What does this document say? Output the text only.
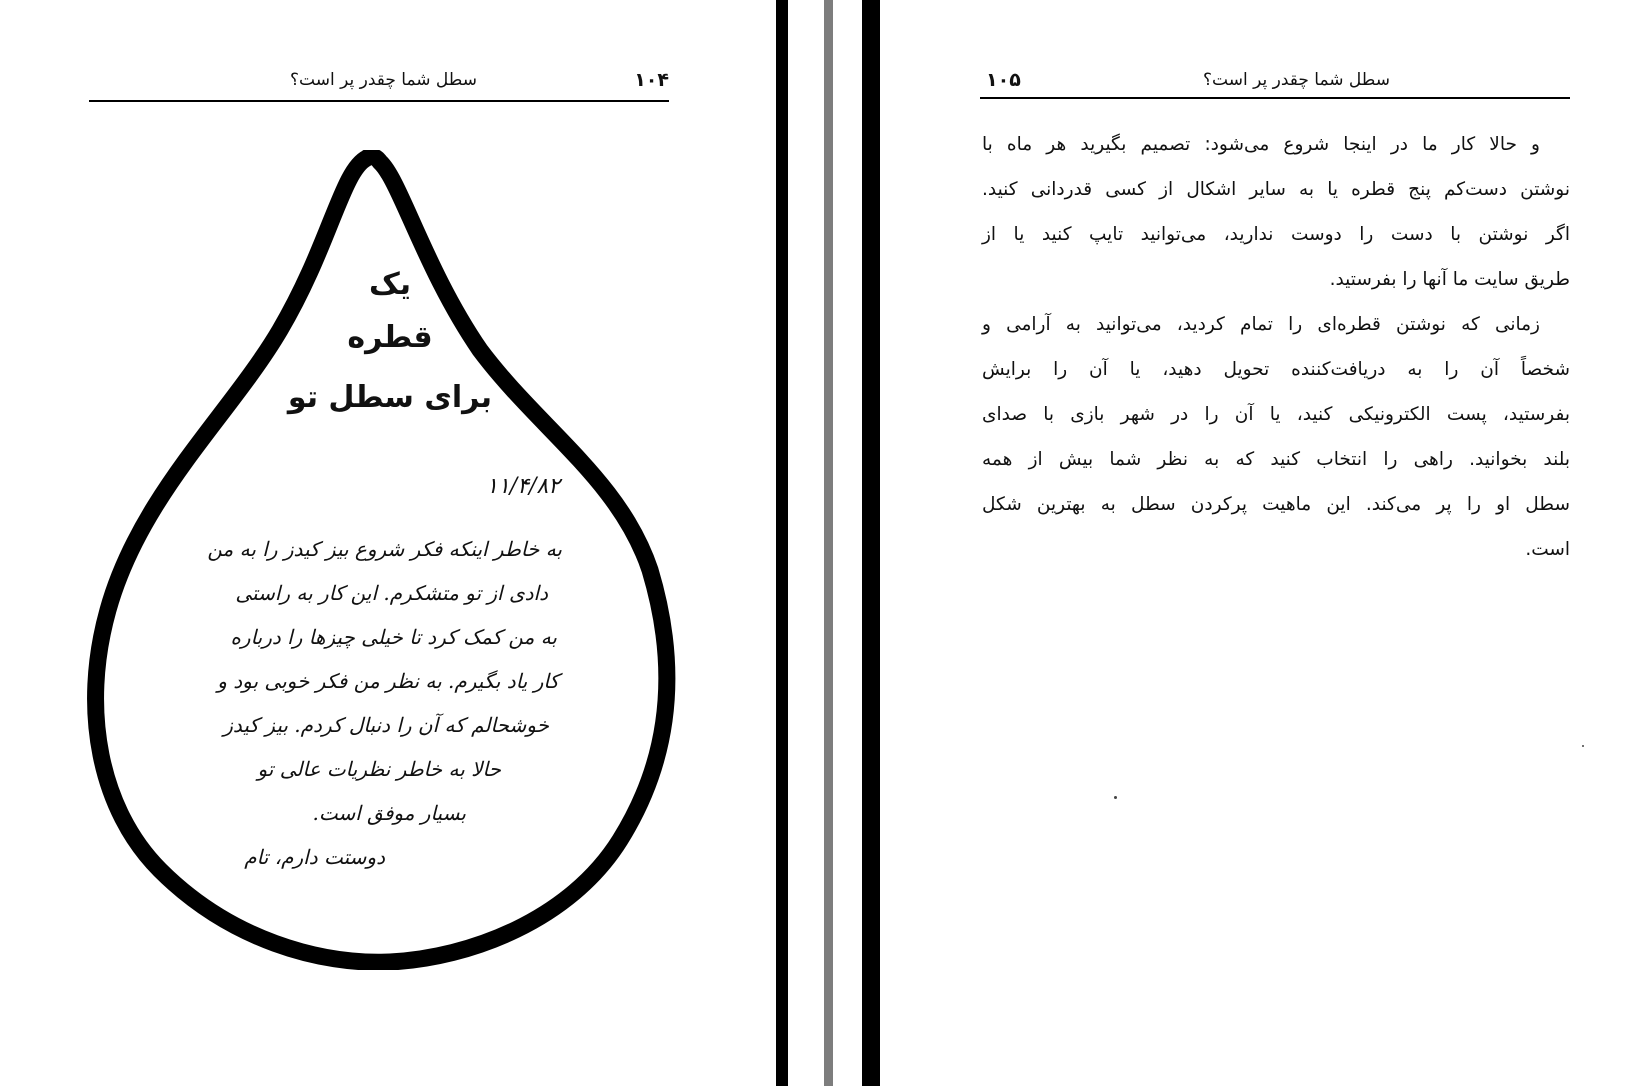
سطل شما چقدر پر است؟	۱۰۴
یک
قطره
برای سطل تو
۱۱/۴/۸۲
به خاطر اینکه فکر شروع بیز کیدز را به من
دادی از تو متشکرم. این کار به راستی
به من کمک کرد تا خیلی چیزها را درباره
کار یاد بگیرم. به نظر من فکر خوبی بود و
خوشحالم که آن را دنبال کردم. بیز کیدز
حالا به خاطر نظریات عالی تو
بسیار موفق است.
دوستت دارم، تام
سطل شما چقدر پر است؟
۱۰۵
و حالا کار ما در اینجا شروع می‌شود: تصمیم بگیرید هر ماه با
نوشتن دست‌کم پنج قطره یا به سایر اشکال از کسی قدردانی کنید.
اگر نوشتن با دست را دوست ندارید، می‌توانید تایپ کنید یا از
طریق سایت ما آنها را بفرستید.
زمانی که نوشتن قطره‌ای را تمام کردید، می‌توانید به آرامی و
شخصاً آن را به دریافت‌کننده تحویل دهید، یا آن را برایش
بفرستید، پست الکترونیکی کنید، یا آن را در شهر بازی با صدای
بلند بخوانید. راهی را انتخاب کنید که به نظر شما بیش از همه
سطل او را پر می‌کند. این ماهیت پرکردن سطل به بهترین شکل
است.
